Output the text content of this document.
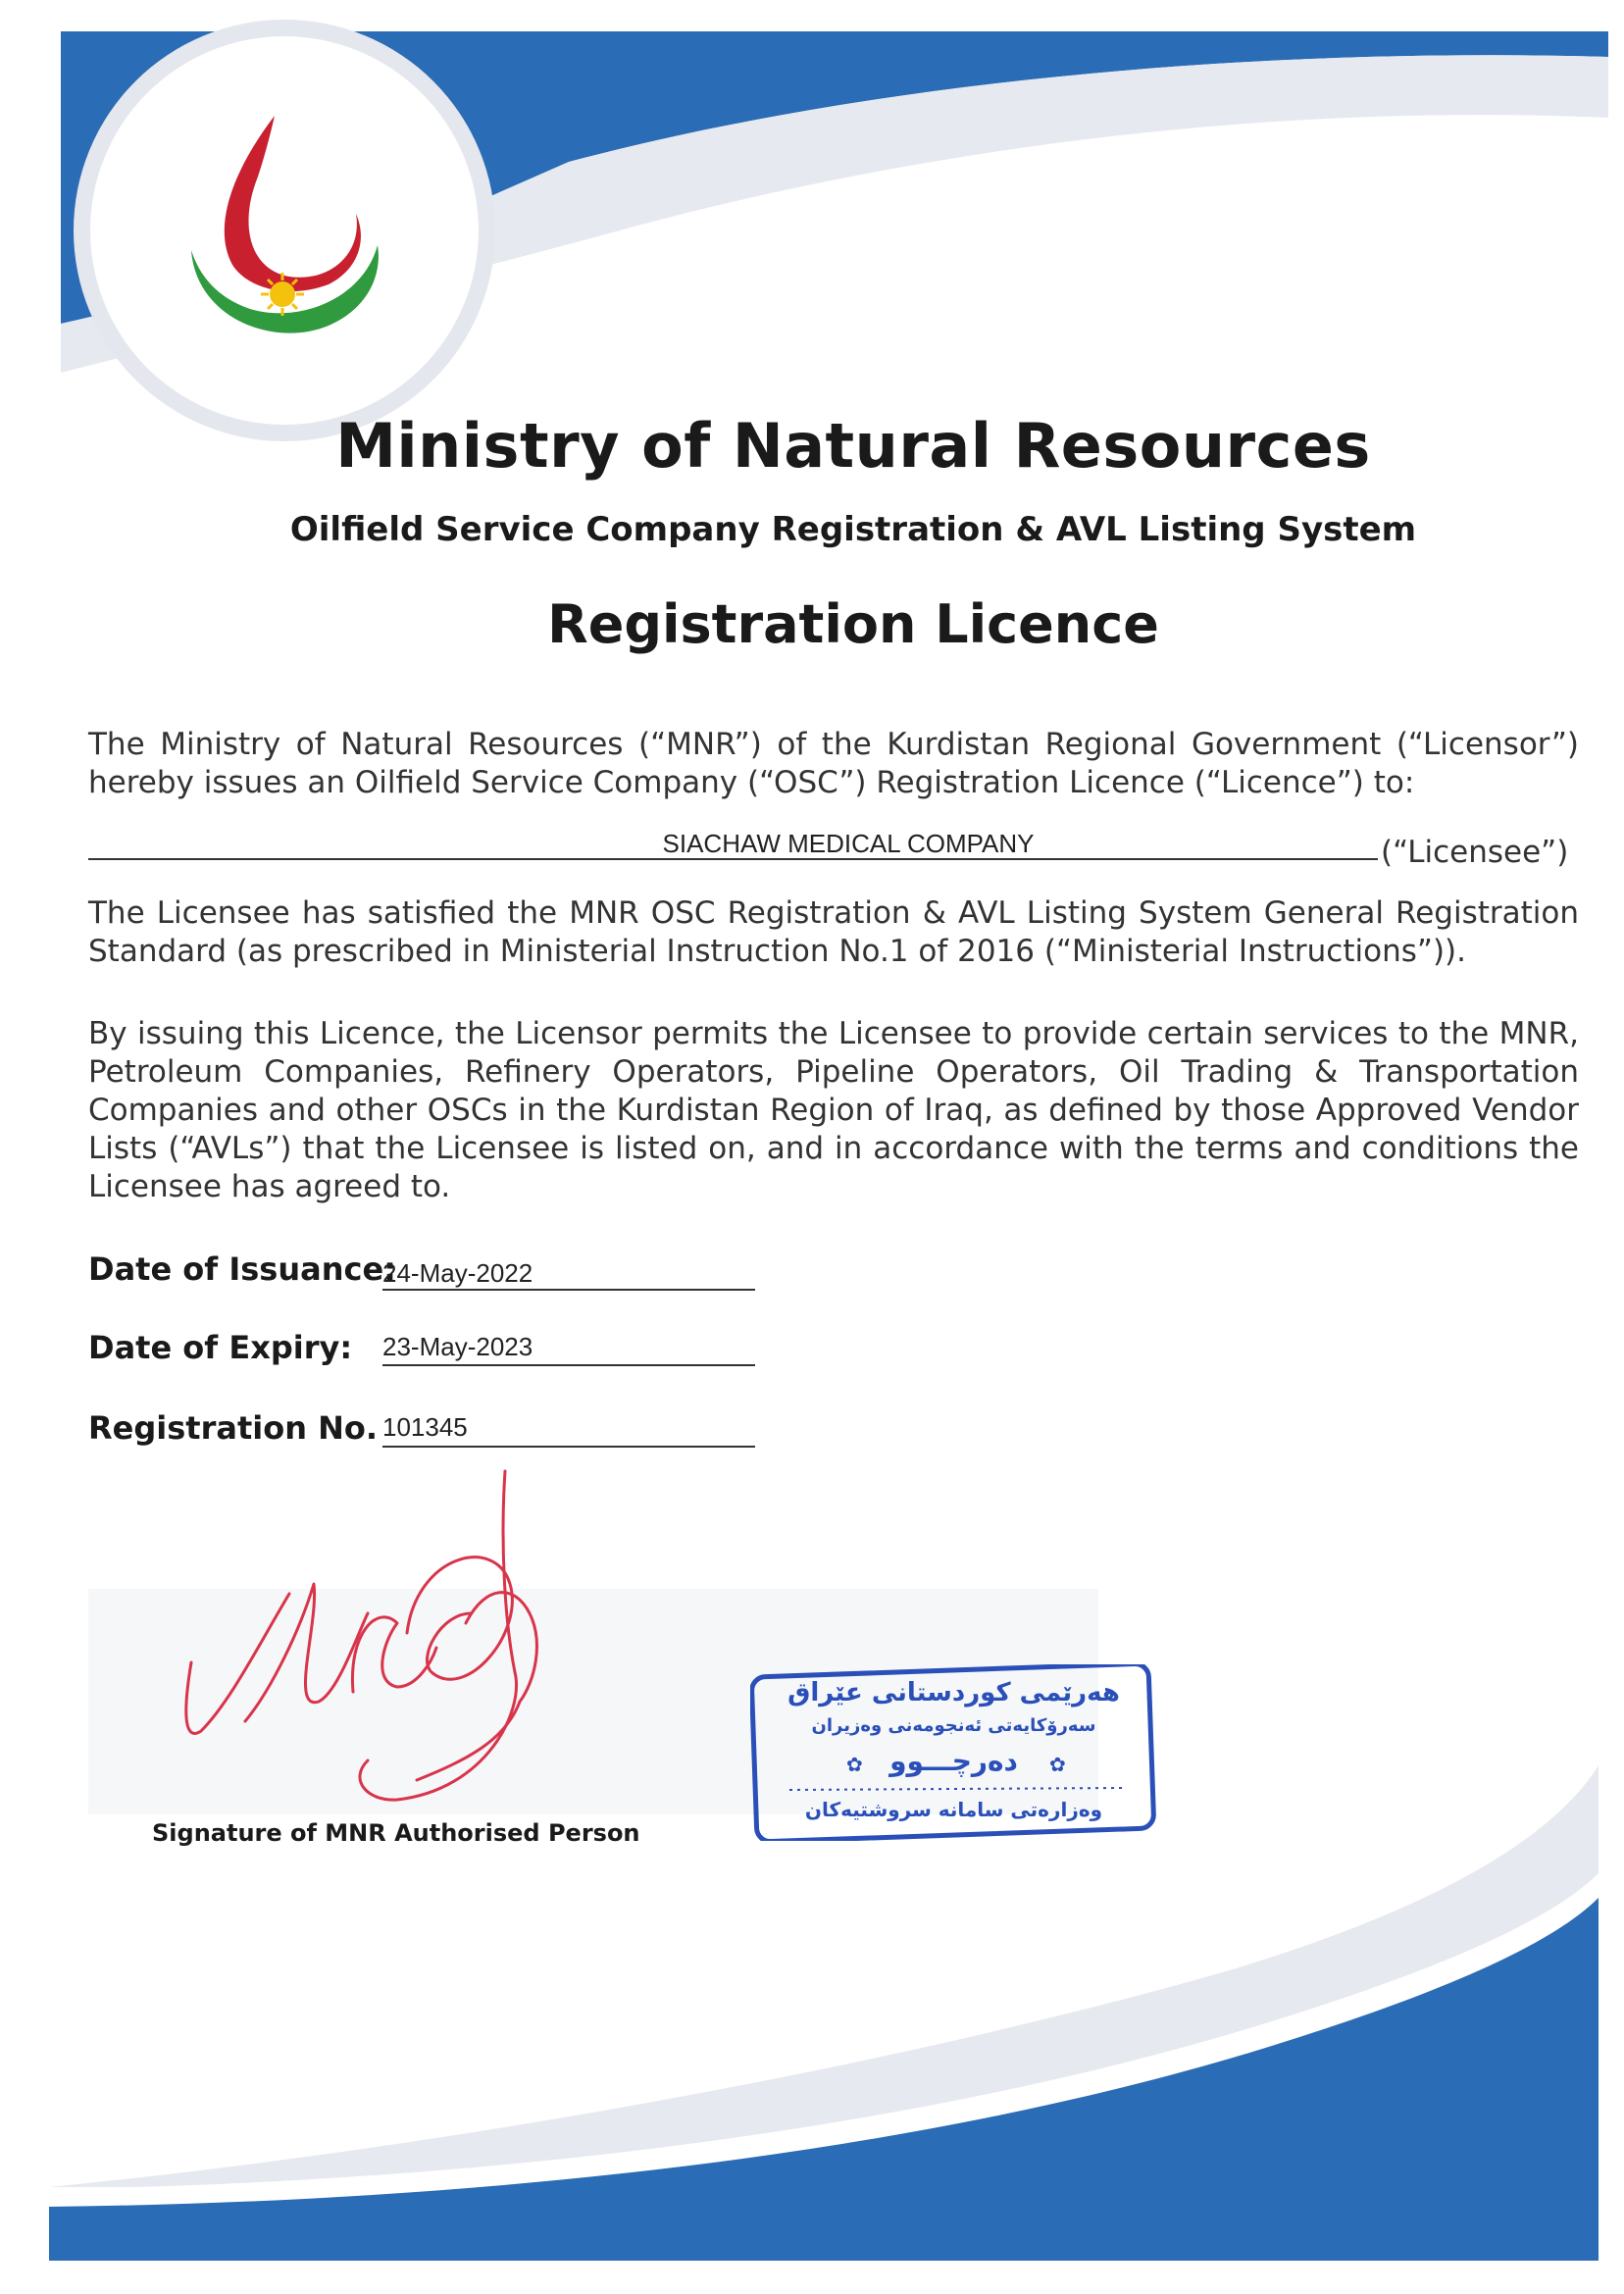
Ministry of Natural Resources
Oilfield Service Company Registration & AVL Listing System
Registration Licence
The Ministry of Natural Resources (“MNR”) of the Kurdistan Regional Government (“Licensor”) hereby issues an Oilfield Service Company (“OSC”) Registration Licence (“Licence”) to:
SIACHAW MEDICAL COMPANY	(“Licensee”)
The Licensee has satisfied the MNR OSC Registration & AVL Listing System General Registration Standard (as prescribed in Ministerial Instruction No.1 of 2016 (“Ministerial Instructions”)).
By issuing this Licence, the Licensor permits the Licensee to provide certain services to the MNR, Petroleum Companies, Refinery Operators, Pipeline Operators, Oil Trading & Transportation Companies and other OSCs in the Kurdistan Region of Iraq, as defined by those Approved Vendor Lists (“AVLs”) that the Licensee is listed on, and in accordance with the terms and conditions the Licensee has agreed to.
Date of Issuance:
24-May-2022
Date of Expiry: 23-May-2023
Registration No. 101345
Signature of MNR Authorised Person
هەرێمی کوردستانی عێراق
سەرۆکایەتی ئەنجومەنی وەزیران
دەرچـــوو
وەزارەتی سامانە سروشتیەکان
✿	✿
